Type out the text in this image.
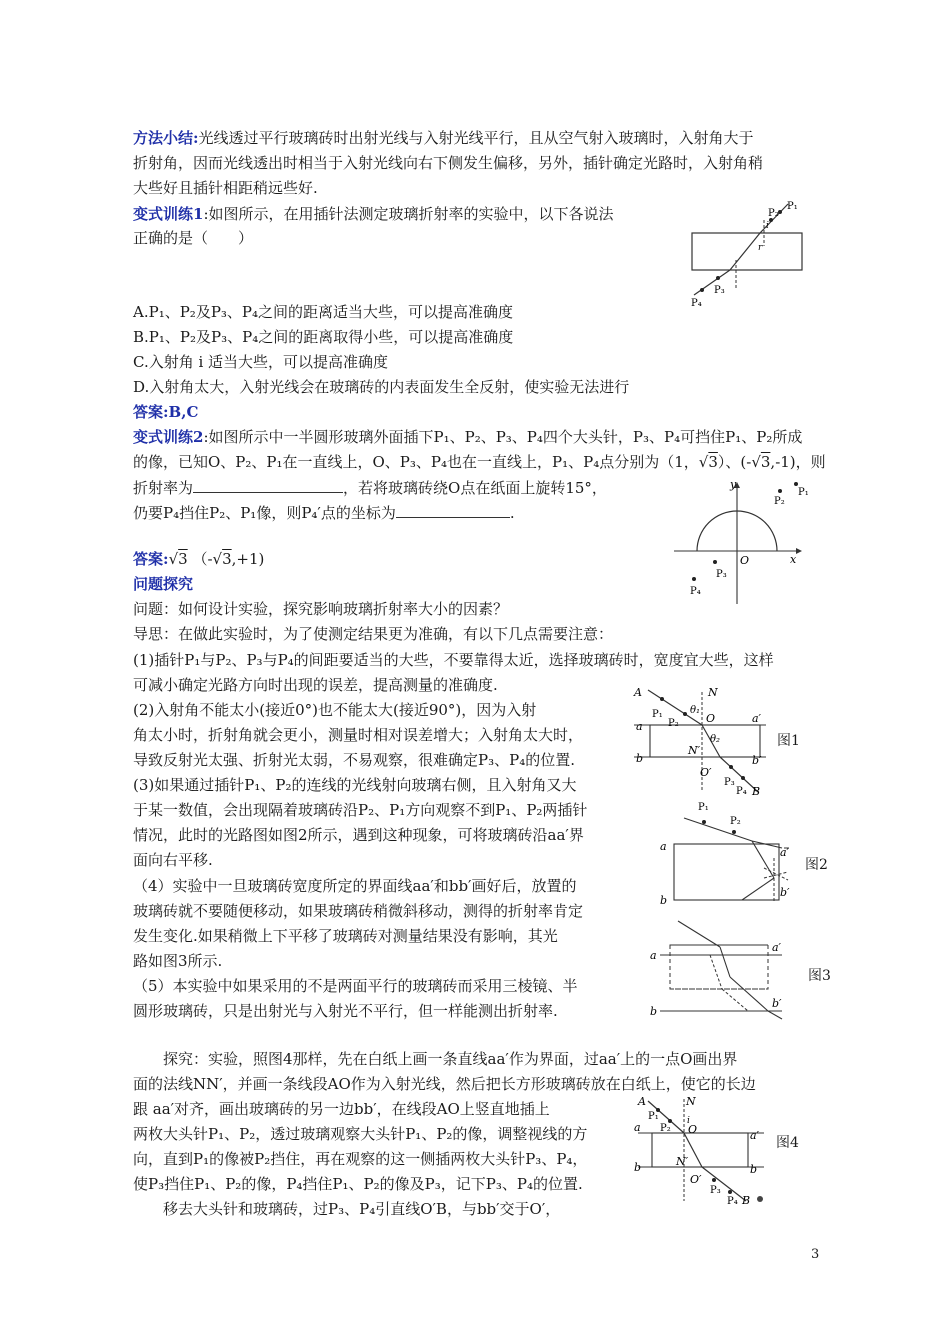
方法小结:光线透过平行玻璃砖时出射光线与入射光线平行，且从空气射入玻璃时，入射角大于
折射角，因而光线透出时相当于入射光线向右下侧发生偏移，另外，插针确定光路时，入射角稍
大些好且插针相距稍远些好.
变式训练1:如图所示，在用插针法测定玻璃折射率的实验中，以下各说法
正确的是（　　）
P₁
P₂
i
r
P₃
P₄
A.P₁、P₂及P₃、P₄之间的距离适当大些，可以提高准确度
B.P₁、P₂及P₃、P₄之间的距离取得小些，可以提高准确度
C.入射角 i 适当大些，可以提高准确度
D.入射角太大，入射光线会在玻璃砖的内表面发生全反射，使实验无法进行
答案:B,C
变式训练2:如图所示中一半圆形玻璃外面插下P₁、P₂、P₃、P₄四个大头针，P₃、P₄可挡住P₁、P₂所成
的像，已知O、P₂、P₁在一直线上，O、P₃、P₄也在一直线上，P₁、P₄点分别为（1，√3）、(-√3,-1)，则
折射率为	，若将玻璃砖绕O点在纸面上旋转15°，
仍要P₄挡住P₂、P₁像，则P₄′点的坐标为	.
y
x
O
P₁
P₂
P₃
P₄
答案:√3 （-√3,+1)
问题探究
问题：如何设计实验，探究影响玻璃折射率大小的因素？
导思：在做此实验时，为了使测定结果更为准确，有以下几点需要注意：
(1)插针P₁与P₂、P₃与P₄的间距要适当的大些，不要靠得太近，选择玻璃砖时，宽度宜大些，这样
可减小确定光路方向时出现的误差，提高测量的准确度.
(2)入射角不能太小(接近0°)也不能太大(接近90°)，因为入射
角太小时，折射角就会更小，测量时相对误差增大；入射角太大时，
导致反射光太强、折射光太弱，不易观察，很难确定P₃、P₄的位置.
(3)如果通过插针P₁、P₂的连线的光线射向玻璃右侧，且入射角又大
于某一数值，会出现隔着玻璃砖沿P₂、P₁方向观察不到P₁、P₂两插针
情况，此时的光路图如图2所示，遇到这种现象，可将玻璃砖沿aa′界
面向右平移.
（4）实验中一旦玻璃砖宽度所定的界面线aa′和bb′画好后，放置的
玻璃砖就不要随便移动，如果玻璃砖稍微斜移动，测得的折射率肯定
发生变化.如果稍微上下平移了玻璃砖对测量结果没有影响，其光
路如图3所示.
（5）本实验中如果采用的不是两面平行的玻璃砖而采用三棱镜、半
圆形玻璃砖，只是出射光与入射光不平行，但一样能测出折射率.
A	N
P₁
P₂
θ₁
O
a
a′
θ₂
N′
b	b′
O′
P₃
P₄ B
图1
P₁
P₂
a	a′
b
b′
图2
a
a′
b
b′
图3
探究：实验，照图4那样，先在白纸上画一条直线aa′作为界面，过aa′上的一点O画出界
面的法线NN′，并画一条线段AO作为入射光线，然后把长方形玻璃砖放在白纸上，使它的长边
跟 aa′对齐，画出玻璃砖的另一边bb′，在线段AO上竖直地插上
两枚大头针P₁、P₂，透过玻璃观察大头针P₁、P₂的像，调整视线的方
向，直到P₁的像被P₂挡住，再在观察的这一侧插两枚大头针P₃、P₄，
使P₃挡住P₁、P₂的像，P₄挡住P₁、P₂的像及P₃，记下P₃、P₄的位置.
移去大头针和玻璃砖，过P₃、P₄引直线O′B，与bb′交于O′，
A	N
P₁
P₂
i
O
a
a′
N′
b	b
O′
P₃
P₄ B
图4
3
